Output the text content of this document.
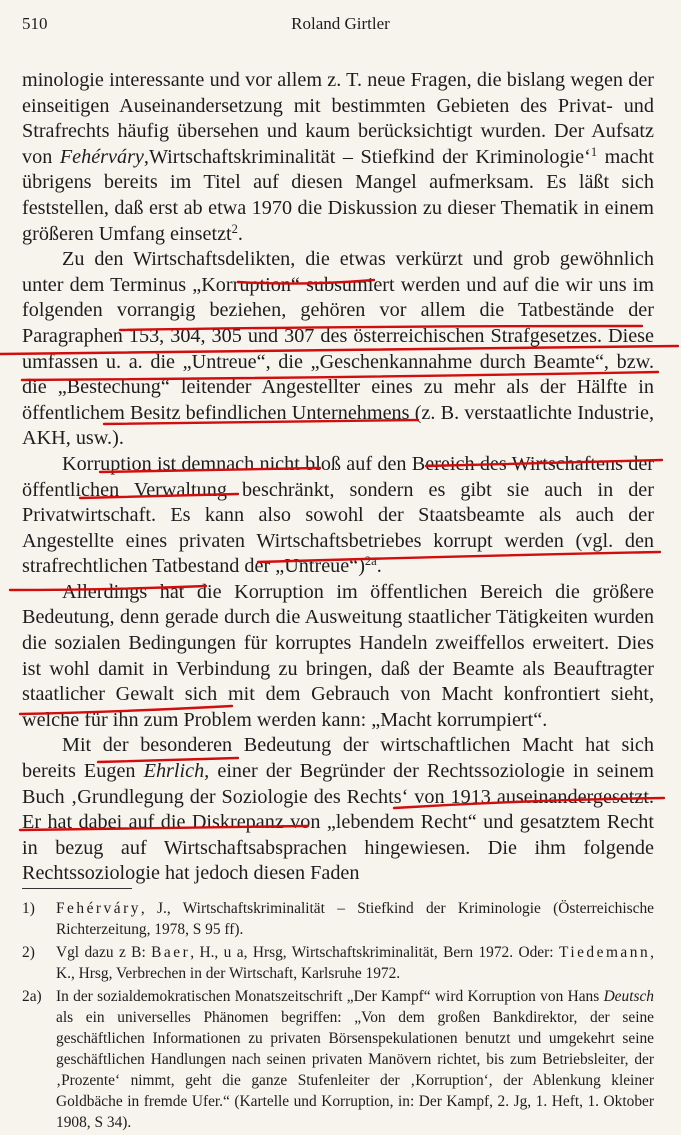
510	Roland Girtler

minologie interessante und vor allem z. T. neue Fragen, die bislang wegen der einseitigen Auseinandersetzung mit bestimmten Gebieten des Privat- und Strafrechts häufig übersehen und kaum berücksichtigt wurden. Der Aufsatz von Fehérváry,Wirtschaftskriminalität – Stiefkind der Kriminologie‘$^1$ macht übrigens bereits im Titel auf diesen Mangel aufmerksam. Es läßt sich feststellen, daß erst ab etwa 1970 die Diskussion zu dieser Thematik in einem größeren Umfang einsetzt$^2$.

Zu den Wirtschaftsdelikten, die etwas verkürzt und grob gewöhnlich unter dem Terminus „Korruption“ subsumiert werden und auf die wir uns im folgenden vorrangig beziehen, gehören vor allem die Tatbestände der Paragraphen 153, 304, 305 und 307 des österreichischen Strafgesetzes. Diese umfassen u. a. die „Untreue“, die „Geschenkannahme durch Beamte“, bzw. die „Bestechung“ leitender Angestellter eines zu mehr als der Hälfte in öffentlichem Besitz befindlichen Unternehmens (z. B. verstaatlichte Industrie, AKH, usw.).

Korruption ist demnach nicht bloß auf den Bereich des Wirtschaftens der öffentlichen Verwaltung beschränkt, sondern es gibt sie auch in der Privatwirtschaft. Es kann also sowohl der Staatsbeamte als auch der Angestellte eines privaten Wirtschaftsbetriebes korrupt werden (vgl. den strafrechtlichen Tatbestand der „Untreue“)$^{2a}$.

Allerdings hat die Korruption im öffentlichen Bereich die größere Bedeutung, denn gerade durch die Ausweitung staatlicher Tätigkeiten wurden die sozialen Bedingungen für korruptes Handeln zweiffellos erweitert. Dies ist wohl damit in Verbindung zu bringen, daß der Beamte als Beauftragter staatlicher Gewalt sich mit dem Gebrauch von Macht konfrontiert sieht, welche für ihn zum Problem werden kann: „Macht korrumpiert“.

Mit der besonderen Bedeutung der wirtschaftlichen Macht hat sich bereits Eugen Ehrlich, einer der Begründer der Rechtssoziologie in seinem Buch ‚Grundlegung der Soziologie des Rechts‘ von 1913 auseinandergesetzt. Er hat dabei auf die Diskrepanz von „lebendem Recht“ und gesatztem Recht in bezug auf Wirtschaftsabsprachen hingewiesen. Die ihm folgende Rechtssoziologie hat jedoch diesen Faden

1) Fehérváry, J., Wirtschaftskriminalität – Stiefkind der Kriminologie (Österreichische Richterzeitung, 1978, S 95 ff).
2) Vgl dazu z B: Baer, H., u a, Hrsg, Wirtschaftskriminalität, Bern 1972. Oder: Tiedemann, K., Hrsg, Verbrechen in der Wirtschaft, Karlsruhe 1972.
2a) In der sozialdemokratischen Monatszeitschrift „Der Kampf“ wird Korruption von Hans Deutsch als ein universelles Phänomen begriffen: „Von dem großen Bankdirektor, der seine geschäftlichen Informationen zu privaten Börsenspekulationen benutzt und umgekehrt seine geschäftlichen Handlungen nach seinen privaten Manövern richtet, bis zum Betriebsleiter, der ‚Prozente‘ nimmt, geht die ganze Stufenleiter der ‚Korruption‘, der Ablenkung kleiner Goldbäche in fremde Ufer.“ (Kartelle und Korruption, in: Der Kampf, 2. Jg, 1. Heft, 1. Oktober 1908, S 34).
